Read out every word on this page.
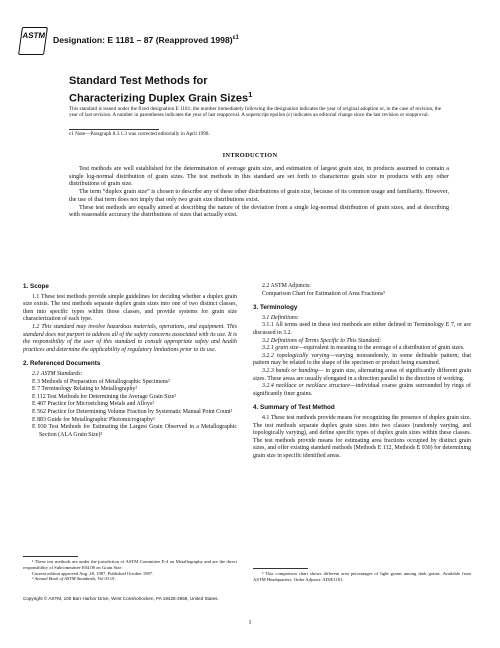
ASTM Designation: E 1181 – 87 (Reapproved 1998)$^{\varepsilon 1}$
Standard Test Methods for
Characterizing Duplex Grain Sizes$^1$
This standard is issued under the fixed designation E 1181; the number immediately following the designation indicates the year of original adoption or, in the case of revision, the year of last revision. A number in parentheses indicates the year of last reapproval. A superscript epsilon (ε) indicates an editorial change since the last revision or reapproval.
ε1 Note—Paragraph 8.3.1.3 was corrected editorially in April 1998.
INTRODUCTION

Test methods are well established for the determination of average grain size, and estimation of largest grain size, in products assumed to contain a single log-normal distribution of grain sizes. The test methods in this standard are set forth to characterize grain size in products with any other distributions of grain size.

The term “duplex grain size” is chosen to describe any of these other distributions of grain size, because of its common usage and familiarity. However, the use of that term does not imply that only two grain size distributions exist.

These test methods are equally aimed at describing the nature of the deviation from a single log-normal distribution of grain sizes, and at describing with reasonable accuracy the distributions of sizes that actually exist.

1. Scope

1.1 These test methods provide simple guidelines for deciding whether a duplex grain size exists. The test methods separate duplex grain sizes into one of two distinct classes, then into specific types within those classes, and provide systems for grain size characterization of each type.

1.2 This standard may involve hazardous materials, operations, and equipment. This standard does not purport to address all of the safety concerns associated with its use. It is the responsibility of the user of this standard to consult appropriate safety and health practices and determine the applicability of regulatory limitations prior to its use.

2. Referenced Documents

2.1 ASTM Standards:

E 3 Methods of Preparation of Metallographic Specimens²

E 7 Terminology Relating to Metallography²

E 112 Test Methods for Determining the Average Grain Size²

E 407 Practice for Microetching Metals and Alloys²

E 562 Practice for Determining Volume Fraction by Systematic Manual Point Count²

E 883 Guide for Metallographic Photomicrography²

E 930 Test Methods for Estimating the Largest Grain Observed in a Metallographic Section (ALA Grain Size)²

2.2 ASTM Adjuncts:

Comparison Chart for Estimation of Area Fractions³

3. Terminology

3.1 Definitions:

3.1.1 All terms used in these test methods are either defined in Terminology E 7, or are discussed in 3.2.

3.2 Definitions of Terms Specific to This Standard:

3.2.1 grain size—equivalent in meaning to the average of a distribution of grain sizes.

3.2.2 topologically varying—varying nonrandomly, in some definable pattern; that pattern may be related to the shape of the specimen or product being examined.

3.2.3 bands or banding— in grain size, alternating areas of significantly different grain sizes. These areas are usually elongated in a direction parallel to the direction of working.

3.2.4 necklace or necklace structure—individual coarse grains surrounded by rings of significantly finer grains.

4. Summary of Test Method

4.1 These test methods provide means for recognizing the presence of duplex grain size. The test methods separate duplex grain sizes into two classes (randomly varying, and topologically varying), and define specific types of duplex grain sizes within these classes. The test methods provide means for estimating area fractions occupied by distinct grain sizes, and offer existing standard methods (Methods E 112, Methods E 930) for determining grain size in specific identified areas.

¹ These test methods are under the jurisdiction of ASTM Committee E-4 on Metallography and are the direct responsibility of Subcommittee E04.08 on Grain Size.

Current edition approved Aug. 28, 1987. Published October 1987.

² Annual Book of ASTM Standards, Vol 03.01.

³ This comparison chart shows different area percentages of light grains among dark grains. Available from ASTM Headquarters. Order Adjunct: ADJE1181.

Copyright © ASTM, 100 Barr Harbor Drive, West Conshohocken, PA 19428-2959, United States.
1
